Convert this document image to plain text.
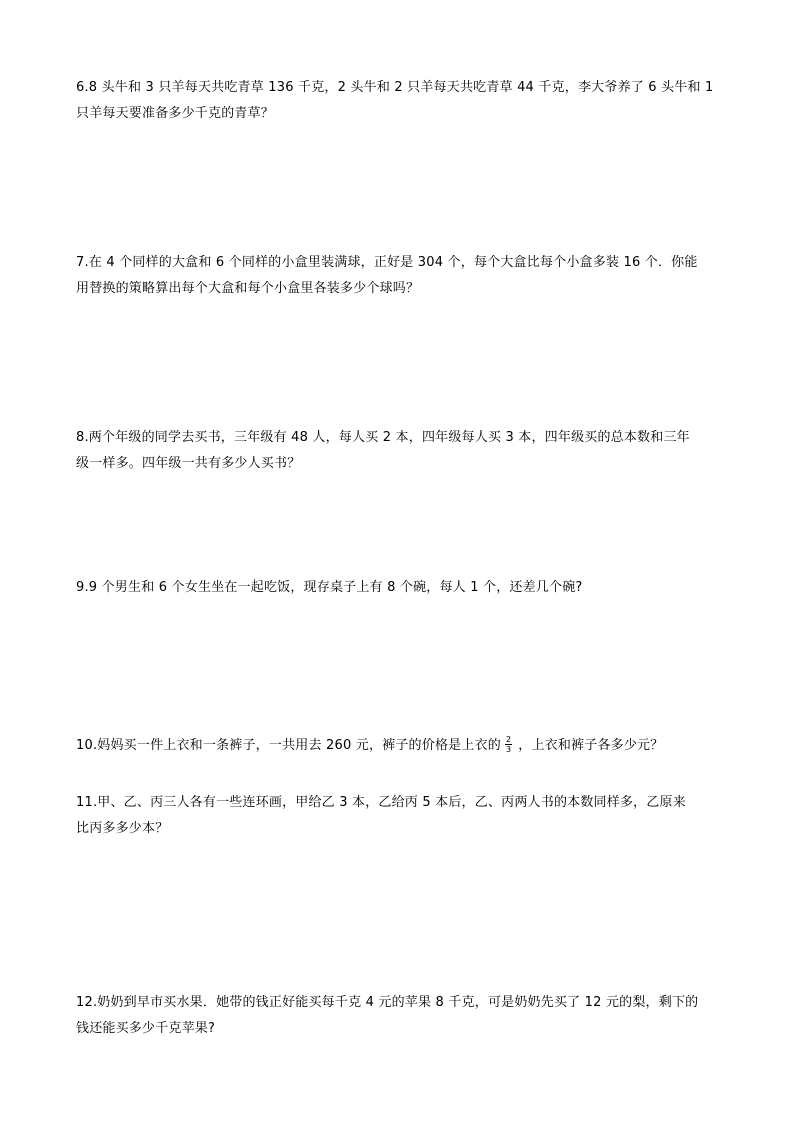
6.8 头牛和 3 只羊每天共吃青草 136 千克，2 头牛和 2 只羊每天共吃青草 44 千克，李大爷养了 6 头牛和 1
只羊每天要准备多少千克的青草？
7.在 4 个同样的大盒和 6 个同样的小盒里装满球，正好是 304 个，每个大盒比每个小盒多装 16 个．你能
用替换的策略算出每个大盒和每个小盒里各装多少个球吗？
8.两个年级的同学去买书，三年级有 48 人，每人买 2 本，四年级每人买 3 本，四年级买的总本数和三年
级一样多。四年级一共有多少人买书？
9.9 个男生和 6 个女生坐在一起吃饭，现存桌子上有 8 个碗，每人 1 个，还差几个碗?
10.妈妈买一件上衣和一条裤子，一共用去 260 元，裤子的价格是上衣的 $\frac{2}{3}$ ，上衣和裤子各多少元？
11.甲、乙、丙三人各有一些连环画，甲给乙 3 本，乙给丙 5 本后，乙、丙两人书的本数同样多，乙原来
比丙多多少本？
12.奶奶到早市买水果．她带的钱正好能买每千克 4 元的苹果 8 千克，可是奶奶先买了 12 元的梨，剩下的
钱还能买多少千克苹果?
